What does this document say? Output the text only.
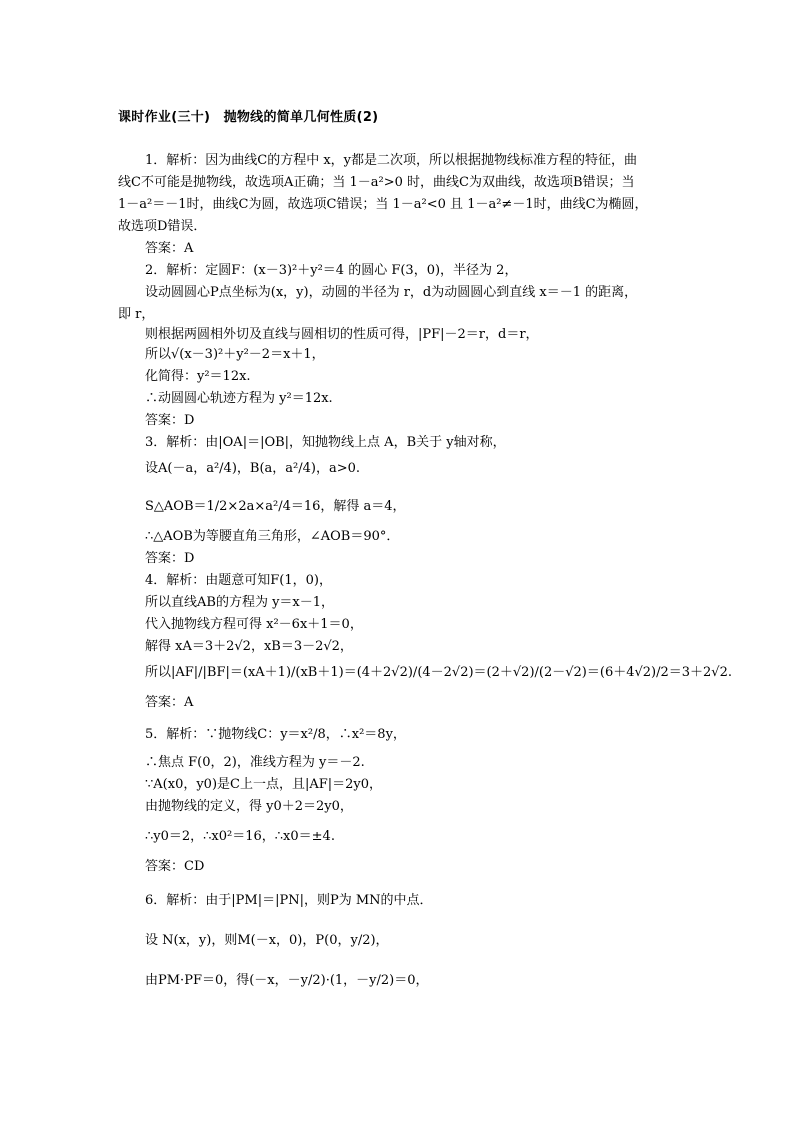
课时作业(三十)　抛物线的简单几何性质(2)
1．解析：因为曲线C的方程中 x，y都是二次项，所以根据抛物线标准方程的特征，曲
线C不可能是抛物线，故选项A正确；当 1－a²>0 时，曲线C为双曲线，故选项B错误；当
1－a²＝－1时，曲线C为圆，故选项C错误；当 1－a²<0 且 1－a²≠－1时，曲线C为椭圆，
故选项D错误．
答案：A
2．解析：定圆F：(x－3)²＋y²＝4 的圆心 F(3，0)，半径为 2，
设动圆圆心P点坐标为(x，y)，动圆的半径为 r，d为动圆圆心到直线 x＝－1 的距离，
即 r，
则根据两圆相外切及直线与圆相切的性质可得，|PF|－2＝r，d＝r，
所以√(x－3)²＋y²－2＝x＋1，
化简得：y²＝12x.
∴动圆圆心轨迹方程为 y²＝12x.
答案：D
3．解析：由|OA|＝|OB|，知抛物线上点 A，B关于 y轴对称，
设A(－a，a²/4)，B(a，a²/4)，a>0.
S△AOB＝1/2×2a×a²/4＝16，解得 a＝4，
∴△AOB为等腰直角三角形，∠AOB＝90°．
答案：D
4．解析：由题意可知F(1，0)，
所以直线AB的方程为 y＝x－1，
代入抛物线方程可得 x²－6x＋1＝0，
解得 xA＝3＋2√2，xB＝3－2√2，
所以|AF|/|BF|＝(xA＋1)/(xB＋1)＝(4＋2√2)/(4－2√2)＝(2＋√2)/(2－√2)＝(6＋4√2)/2＝3＋2√2.
答案：A
5．解析：∵抛物线C：y＝x²/8，∴x²＝8y，
∴焦点 F(0，2)，准线方程为 y＝－2.
∵A(x0，y0)是C上一点，且|AF|＝2y0，
由抛物线的定义，得 y0＋2＝2y0，
∴y0＝2，∴x0²＝16，∴x0＝±4.
答案：CD
6．解析：由于|PM|＝|PN|，则P为 MN的中点．
设 N(x，y)，则M(－x，0)，P(0，y/2)，
由PM·PF＝0，得(－x，－y/2)·(1，－y/2)＝0，
